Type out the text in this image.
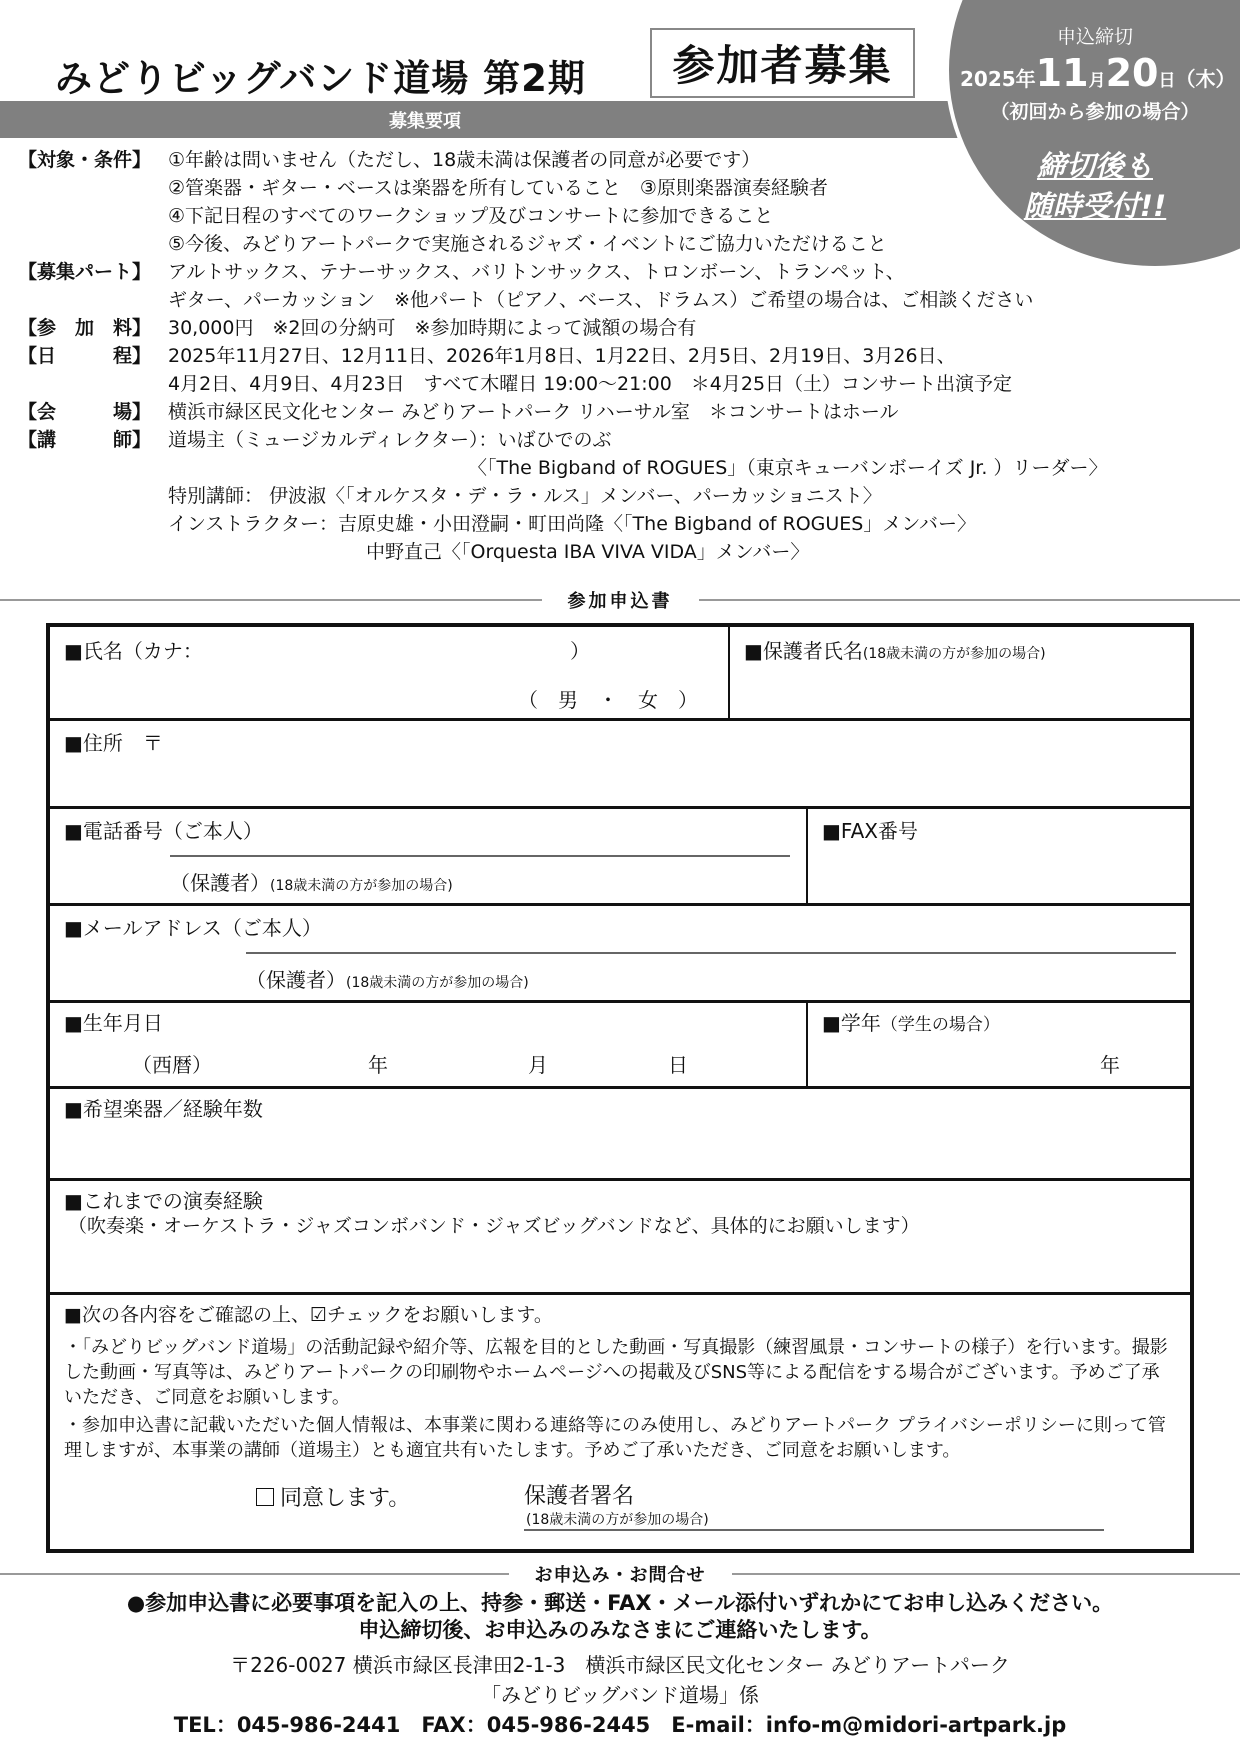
募集要項
みどりビッグバンド道場 第2期	参加者募集
申込締切
2025年11月20日（木）
（初回から参加の場合）
締切後も
随時受付!!
【対象・条件】 ①年齢は問いません（ただし、18歳未満は保護者の同意が必要です）
②管楽器・ギター・ベースは楽器を所有していること　③原則楽器演奏経験者
④下記日程のすべてのワークショップ及びコンサートに参加できること
⑤今後、みどりアートパークで実施されるジャズ・イベントにご協力いただけること
【募集パート】 アルトサックス、テナーサックス、バリトンサックス、トロンボーン、トランペット、
ギター、パーカッション　※他パート（ピアノ、ベース、ドラムス）ご希望の場合は、ご相談ください
【参　加　料】 30,000円　※2回の分納可　※参加時期によって減額の場合有
【日　　　程】 2025年11月27日、12月11日、2026年1月8日、1月22日、2月5日、2月19日、3月26日、
4月2日、4月9日、4月23日　すべて木曜日 19:00〜21:00　＊4月25日（土）コンサート出演予定
【会　　　場】 横浜市緑区民文化センター みどりアートパーク リハーサル室　＊コンサートはホール
【講　　　師】 道場主（ミュージカルディレクター）：いばひでのぶ
〈「The Bigband of ROGUES」（東京キューバンボーイズ Jr. ）リーダー〉
特別講師： 伊波淑〈「オルケスタ・デ・ラ・ルス」メンバー、パーカッショニスト〉
インストラクター：吉原史雄・小田澄嗣・町田尚隆〈「The Bigband of ROGUES」メンバー〉
中野直己〈「Orquesta IBA VIVA VIDA」メンバー〉
参加申込書
■氏名（カナ：	）
（　男　・　女　）
■保護者氏名(18歳未満の方が参加の場合)
■住所　〒
■電話番号（ご本人）
（保護者）(18歳未満の方が参加の場合)
■FAX番号
■メールアドレス（ご本人）
（保護者）(18歳未満の方が参加の場合)
■生年月日
（西暦）	年	月	日
■学年（学生の場合）
年
■希望楽器／経験年数
■これまでの演奏経験
（吹奏楽・オーケストラ・ジャズコンボバンド・ジャズビッグバンドなど、具体的にお願いします）
■次の各内容をご確認の上、☑チェックをお願いします。
・「みどりビッグバンド道場」の活動記録や紹介等、広報を目的とした動画・写真撮影（練習風景・コンサートの様子）を行います。撮影した動画・写真等は、みどりアートパークの印刷物やホームページへの掲載及びSNS等による配信をする場合がございます。予めご了承いただき、ご同意をお願いします。
・参加申込書に記載いただいた個人情報は、本事業に関わる連絡等にのみ使用し、みどりアートパーク プライバシーポリシーに則って管理しますが、本事業の講師（道場主）とも適宜共有いたします。予めご了承いただき、ご同意をお願いします。
同意します。	保護者署名
(18歳未満の方が参加の場合)
お申込み・お問合せ
●参加申込書に必要事項を記入の上、持参・郵送・FAX・メール添付いずれかにてお申し込みください。
申込締切後、お申込みのみなさまにご連絡いたします。
〒226-0027 横浜市緑区長津田2-1-3　横浜市緑区民文化センター みどりアートパーク
「みどりビッグバンド道場」係
TEL：045-986-2441　FAX：045-986-2445　E-mail：info-m@midori-artpark.jp
